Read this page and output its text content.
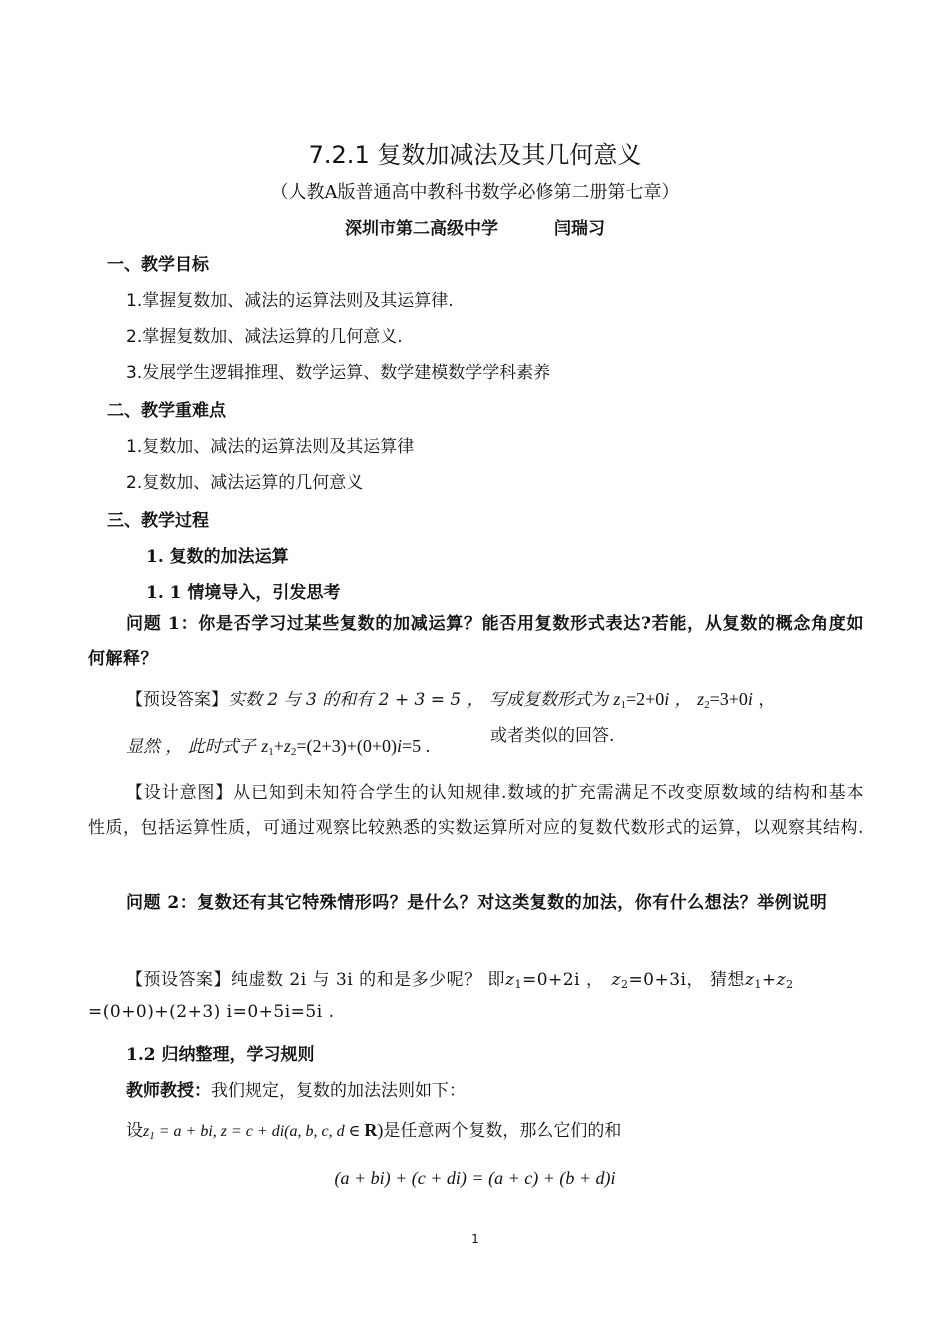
7.2.1 复数加减法及其几何意义
（人教A版普通高中教科书数学必修第二册第七章）
深圳市第二高级中学	闫瑞习
一、教学目标
1.掌握复数加、减法的运算法则及其运算律.
2.掌握复数加、减法运算的几何意义.
3.发展学生逻辑推理、数学运算、数学建模数学学科素养
二、教学重难点
1.复数加、减法的运算法则及其运算律
2.复数加、减法运算的几何意义
三、教学过程
1. 复数的加法运算
1. 1 情境导入，引发思考
问题 1：你是否学习过某些复数的加减运算？能否用复数形式表达?若能，从复数的概念角度如何解释？
【预设答案】实数 2 与 3 的和有 2 + 3 = 5 ， 写成复数形式为 $z_1=2+0i$ ， $z_2=3+0i$ ，
显然 ， 此时式子 $z_1+z_2=(2+3)+(0+0)i=5$ .	或者类似的回答.
【设计意图】从已知到未知符合学生的认知规律.数域的扩充需满足不改变原数域的结构和基本性质，包括运算性质，可通过观察比较熟悉的实数运算所对应的复数代数形式的运算，以观察其结构.
问题 2：复数还有其它特殊情形吗？是什么？对这类复数的加法，你有什么想法？举例说明
【预设答案】纯虚数 2i 与 3i 的和是多少呢？ 即$z_1=0+2i$ ， $z_2=0+3i$， 猜想$z_1+z_2$
=(0+0)+(2+3) i=0+5i=5i .
1.2 归纳整理，学习规则
教师教授：我们规定，复数的加法法则如下：
设$z_1 = a$ + bi, z = c + di(a, b, c, d ∈ R)是任意两个复数，那么它们的和
(a + bi) + (c + di) = (a + c) + (b + d)i
1
